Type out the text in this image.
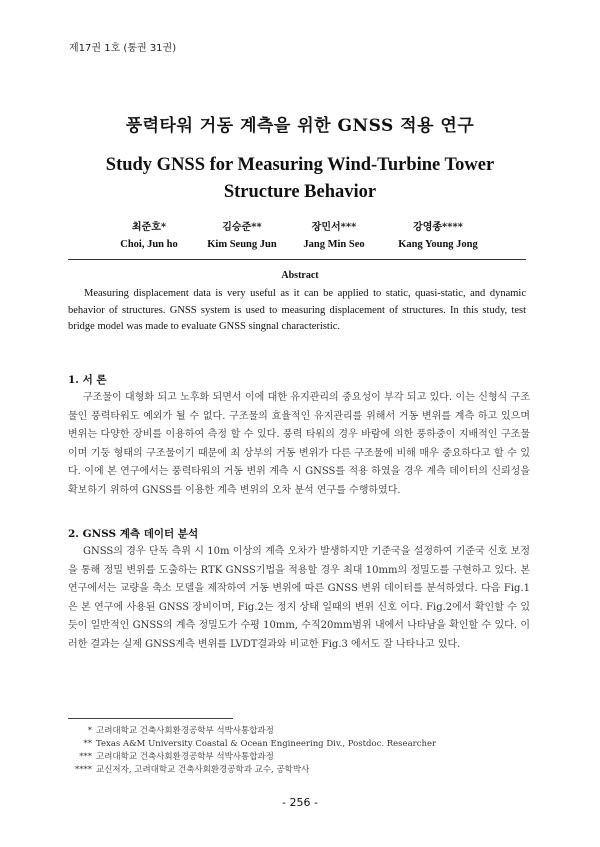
제17권 1호 (통권 31권)
풍력타워 거동 계측을 위한 GNSS 적용 연구
Study GNSS for Measuring Wind-Turbine Tower
Structure Behavior
최준호*
Choi, Jun ho
김승준**
Kim Seung Jun
장민서***
Jang Min Seo
강영종****
Kang Young Jong
Abstract
Measuring displacement data is very useful as it can be applied to static, quasi-static, and dynamic behavior of structures. GNSS system is used to measuring displacement of structures. In this study, test bridge model was made to evaluate GNSS singnal characteristic.
1. 서 론
구조물이 대형화 되고 노후화 되면서 이에 대한 유지관리의 중요성이 부각 되고 있다. 이는 신형식 구조물인 풍력타워도 예외가 될 수 없다. 구조물의 효율적인 유지관리를 위해서 거동 변위를 계측 하고 있으며 변위는 다양한 장비를 이용하여 측정 할 수 있다. 풍력 타워의 경우 바람에 의한 풍하중이 지배적인 구조물이며 기둥 형태의 구조물이기 때문에 최 상부의 거동 변위가 다른 구조물에 비해 매우 중요하다고 할 수 있다. 이에 본 연구에서는 풍력타워의 거동 변위 계측 시 GNSS를 적용 하였을 경우 계측 데이터의 신뢰성을 확보하기 위하여 GNSS를 이용한 계측 변위의 오차 분석 연구를 수행하였다.
2. GNSS 계측 데이터 분석
GNSS의 경우 단독 측위 시 10m 이상의 계측 오차가 발생하지만 기준국을 설정하여 기준국 신호 보정을 통해 정밀 변위를 도출하는 RTK GNSS기법을 적용할 경우 최대 10mm의 정밀도를 구현하고 있다. 본 연구에서는 교량을 축소 모델을 제작하여 거동 변위에 따른 GNSS 변위 데이터를 분석하였다. 다음 Fig.1은 본 연구에 사용된 GNSS 장비이며, Fig.2는 정지 상태 일때의 변위 신호 이다. Fig.2에서 확인할 수 있듯이 일반적인 GNSS의 계측 정밀도가 수평 10mm, 수직20mm범위 내에서 나타남을 확인할 수 있다. 이러한 결과는 실제 GNSS계측 변위를 LVDT결과와 비교한 Fig.3 에서도 잘 나타나고 있다.
* 고려대학교 건축사회환경공학부 석박사통합과정
** Texas A&M University Coastal & Ocean Engineering Div., Postdoc. Researcher
*** 고려대학교 건축사회환경공학부 석박사통합과정
**** 교신저자, 고려대학교 건축사회환경공학과 교수, 공학박사
- 256 -
